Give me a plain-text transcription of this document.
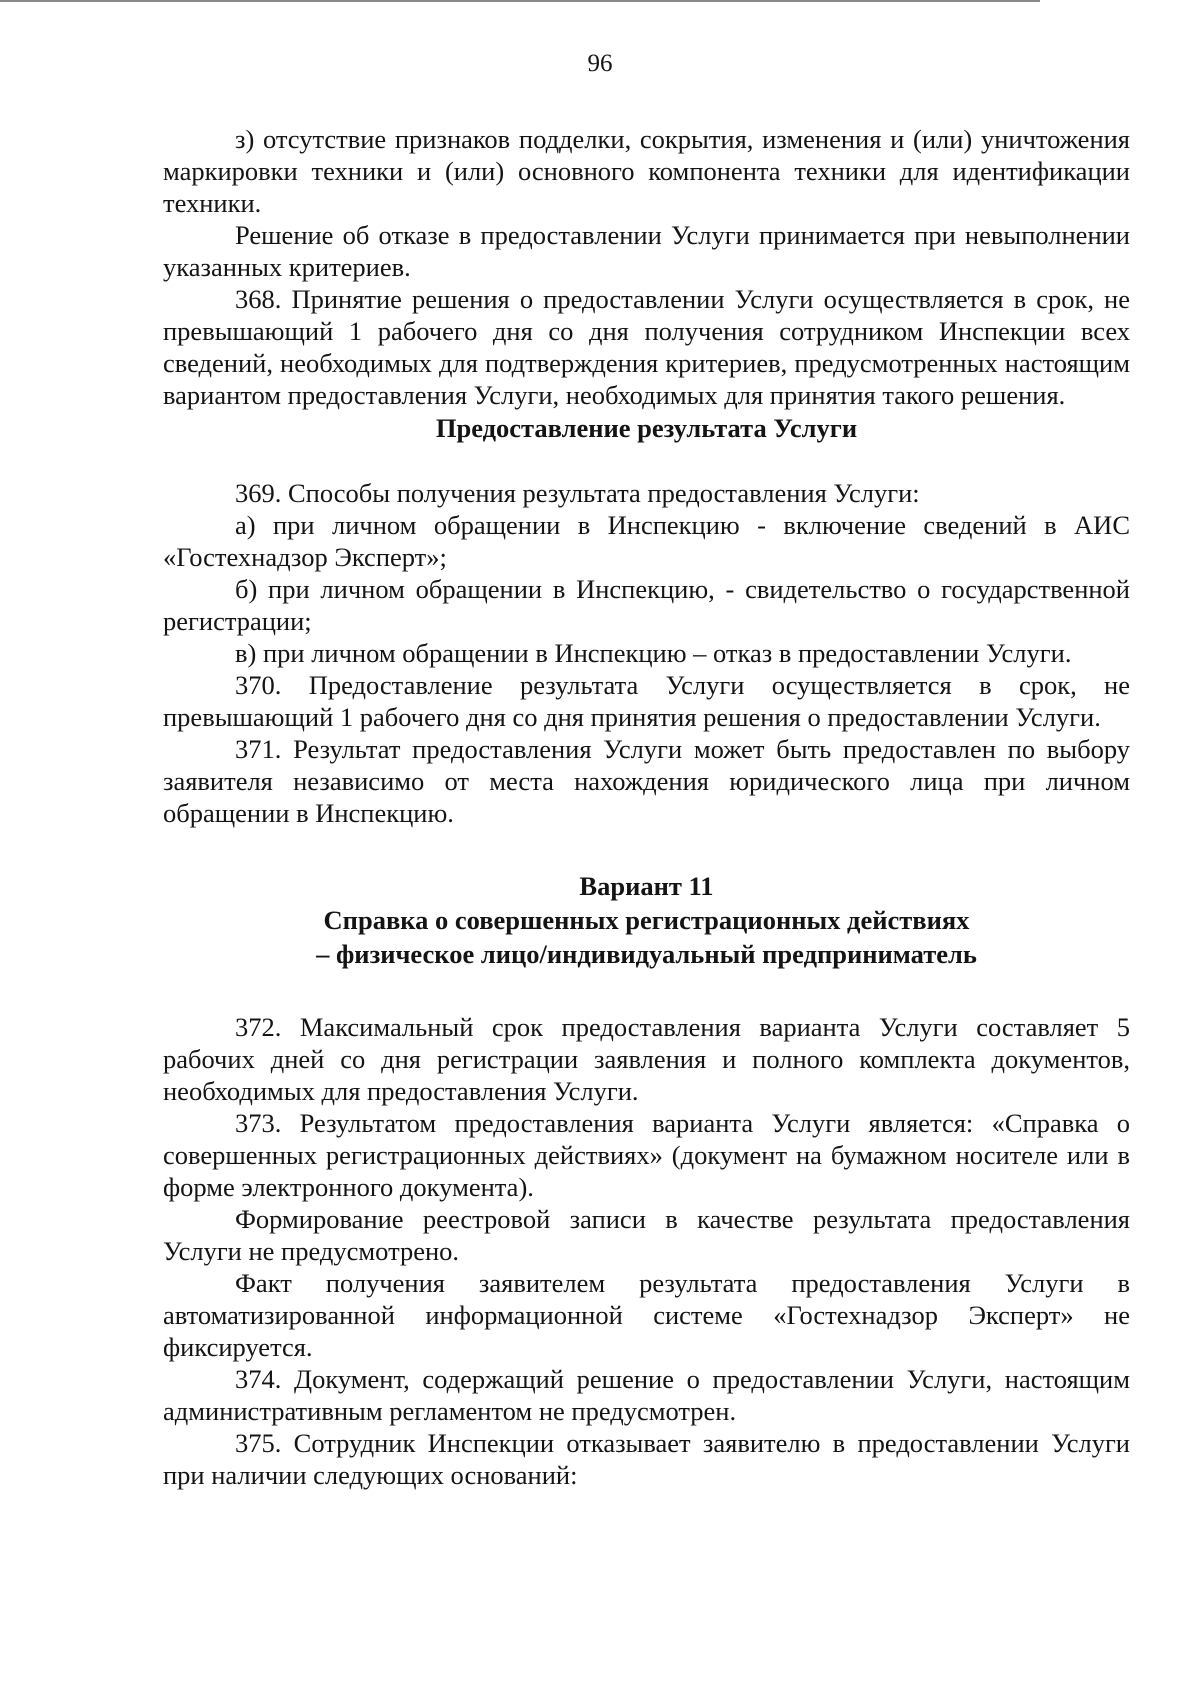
96

з) отсутствие признаков подделки, сокрытия, изменения и (или) уничтожения маркировки техники и (или) основного компонента техники для идентификации техники.

Решение об отказе в предоставлении Услуги принимается при невыполнении указанных критериев.

368. Принятие решения о предоставлении Услуги осуществляется в срок, не превышающий 1 рабочего дня со дня получения сотрудником Инспекции всех сведений, необходимых для подтверждения критериев, предусмотренных настоящим вариантом предоставления Услуги, необходимых для принятия такого решения.

Предоставление результата Услуги

369. Способы получения результата предоставления Услуги:

а) при личном обращении в Инспекцию - включение сведений в АИС «Гостехнадзор Эксперт»;

б) при личном обращении в Инспекцию, - свидетельство о государственной регистрации;

в) при личном обращении в Инспекцию – отказ в предоставлении Услуги.

370. Предоставление результата Услуги осуществляется в срок, не превышающий 1 рабочего дня со дня принятия решения о предоставлении Услуги.

371. Результат предоставления Услуги может быть предоставлен по выбору заявителя независимо от места нахождения юридического лица при личном обращении в Инспекцию.

Вариант 11
Справка о совершенных регистрационных действиях
– физическое лицо/индивидуальный предприниматель

372. Максимальный срок предоставления варианта Услуги составляет 5 рабочих дней со дня регистрации заявления и полного комплекта документов, необходимых для предоставления Услуги.

373. Результатом предоставления варианта Услуги является: «Справка о совершенных регистрационных действиях» (документ на бумажном носителе или в форме электронного документа).

Формирование реестровой записи в качестве результата предоставления Услуги не предусмотрено.

Факт получения заявителем результата предоставления Услуги в автоматизированной информационной системе «Гостехнадзор Эксперт» не фиксируется.

374. Документ, содержащий решение о предоставлении Услуги, настоящим административным регламентом не предусмотрен.

375. Сотрудник Инспекции отказывает заявителю в предоставлении Услуги при наличии следующих оснований:
